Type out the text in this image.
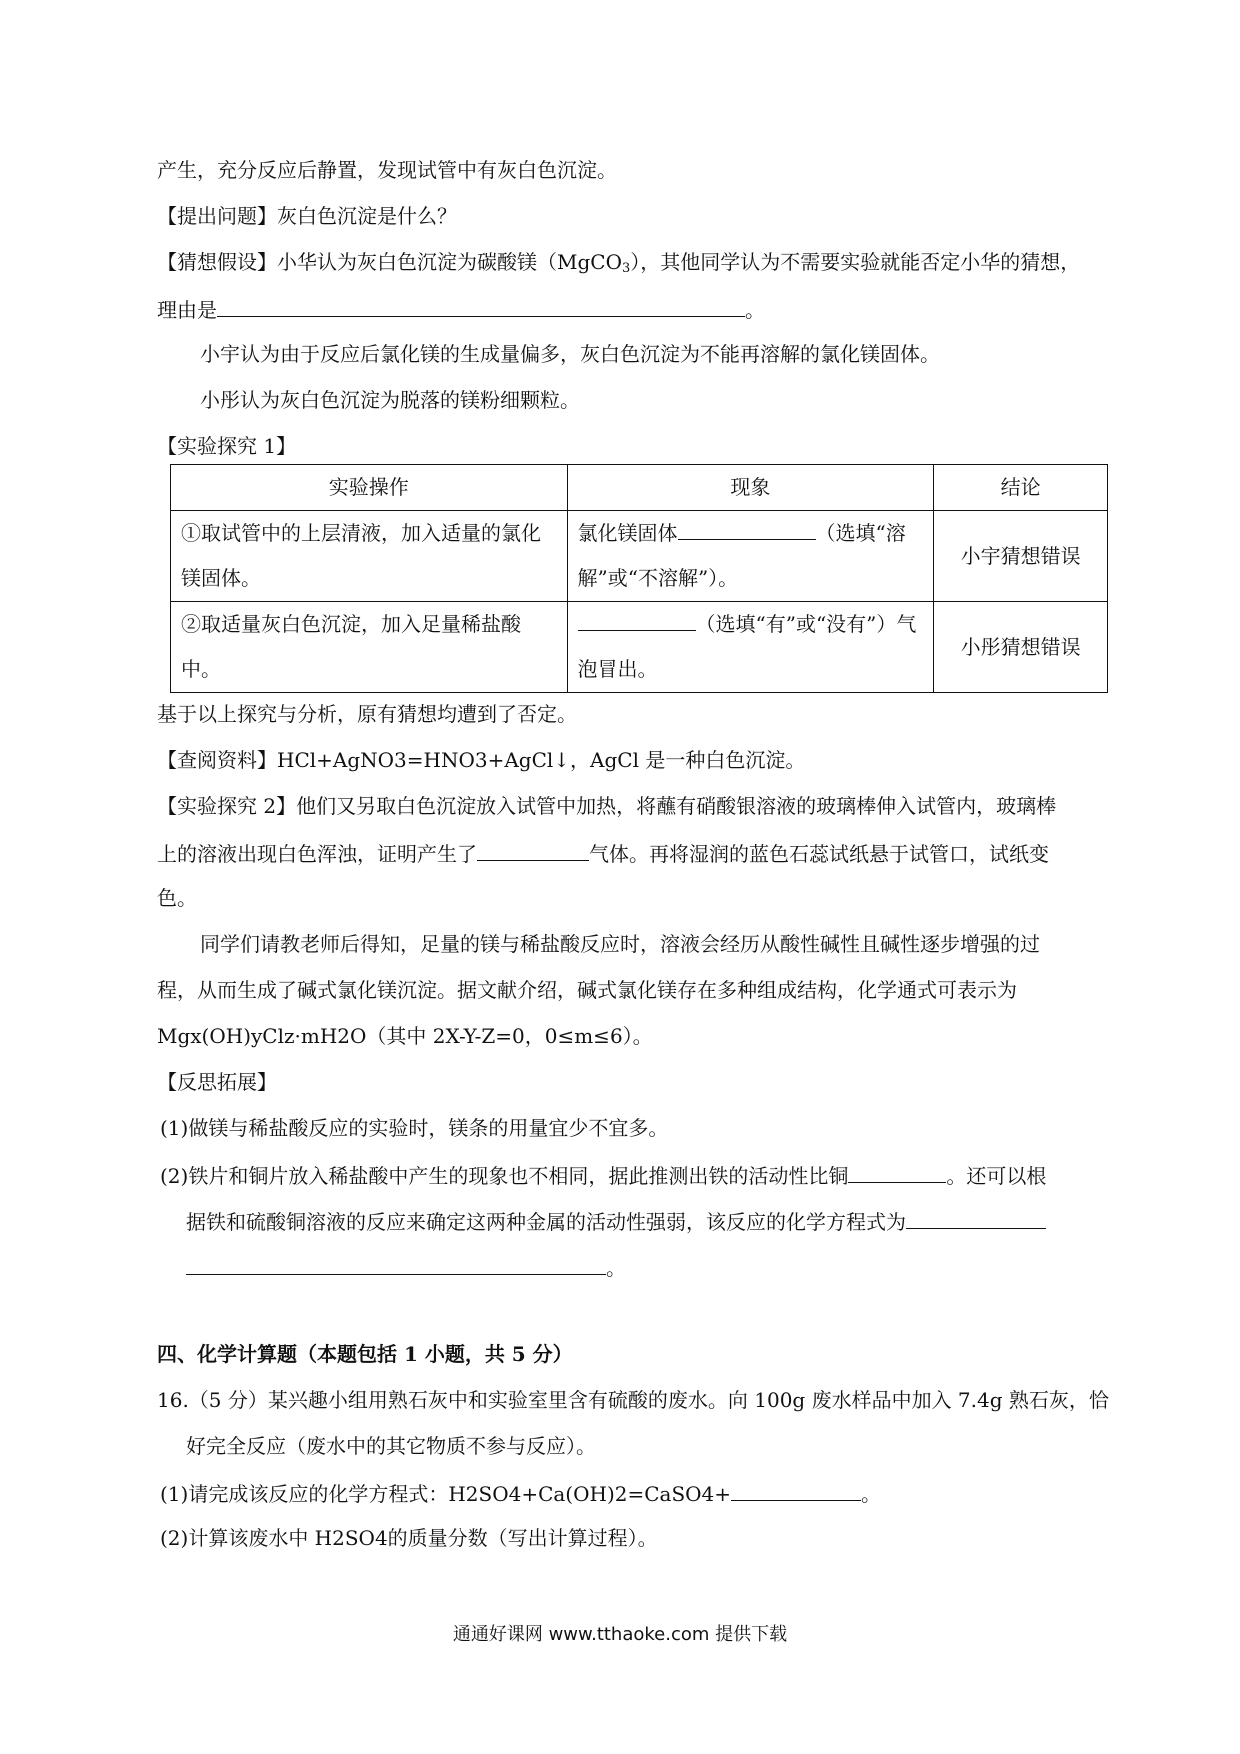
产生，充分反应后静置，发现试管中有灰白色沉淀。
【提出问题】灰白色沉淀是什么？
【猜想假设】小华认为灰白色沉淀为碳酸镁（MgCO$_3$），其他同学认为不需要实验就能否定小华的猜想，
理由是	。
小宇认为由于反应后氯化镁的生成量偏多，灰白色沉淀为不能再溶解的氯化镁固体。
小彤认为灰白色沉淀为脱落的镁粉细颗粒。
【实验探究 1】
实验操作	现象	结论
①取试管中的上层清液，加入适量的氯化镁固体。	氯化镁固体 （选填“溶解”或“不溶解”）。	小宇猜想错误
②取适量灰白色沉淀，加入足量稀盐酸中。	（选填“有”或“没有”）气泡冒出。	小彤猜想错误
基于以上探究与分析，原有猜想均遭到了否定。
【查阅资料】HCl+AgNO3=HNO3+AgCl↓，AgCl 是一种白色沉淀。
【实验探究 2】他们又另取白色沉淀放入试管中加热，将蘸有硝酸银溶液的玻璃棒伸入试管内，玻璃棒
上的溶液出现白色浑浊，证明产生了	气体。再将湿润的蓝色石蕊试纸悬于试管口，试纸变
色。
同学们请教老师后得知，足量的镁与稀盐酸反应时，溶液会经历从酸性碱性且碱性逐步增强的过
程，从而生成了碱式氯化镁沉淀。据文献介绍，碱式氯化镁存在多种组成结构，化学通式可表示为
Mgx(OH)yClz·mH2O（其中 2X-Y-Z=0，0≤m≤6）。
【反思拓展】
(1)做镁与稀盐酸反应的实验时，镁条的用量宜少不宜多。
(2)铁片和铜片放入稀盐酸中产生的现象也不相同，据此推测出铁的活动性比铜	。还可以根
据铁和硫酸铜溶液的反应来确定这两种金属的活动性强弱，该反应的化学方程式为
。
四、化学计算题（本题包括 1 小题，共 5 分）
16.（5 分）某兴趣小组用熟石灰中和实验室里含有硫酸的废水。向 100g 废水样品中加入 7.4g 熟石灰，恰
好完全反应（废水中的其它物质不参与反应）。
(1)请完成该反应的化学方程式：H2SO4+Ca(OH)2=CaSO4+	。
(2)计算该废水中 H2SO4的质量分数（写出计算过程）。
通通好课网 www.tthaoke.com 提供下载
